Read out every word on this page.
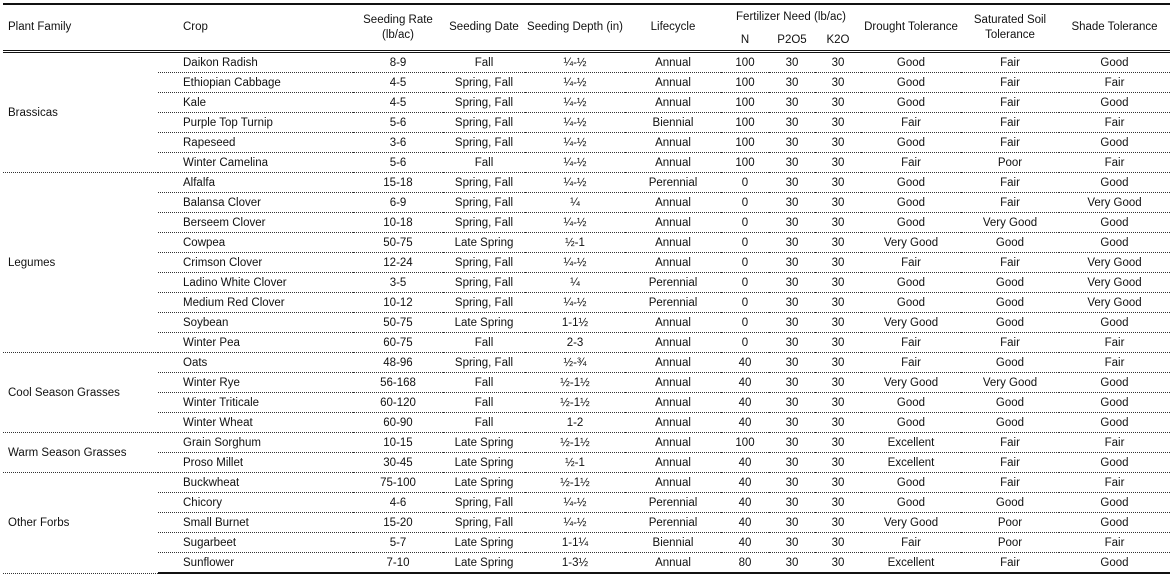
Plant Family	Crop	Seeding Rate (lb/ac)	Seeding Date	Seeding Depth (in)	Lifecycle	Fertilizer Need (lb/ac)			Drought Tolerance	Saturated Soil Tolerance	Shade Tolerance
						N	P2O5	K2O			
Brassicas	Daikon Radish	8-9	Fall	¼-½	Annual	100	30	30	Good	Fair	Good
	Ethiopian Cabbage	4-5	Spring, Fall	¼-½	Annual	100	30	30	Good	Fair	Fair
	Kale	4-5	Spring, Fall	¼-½	Annual	100	30	30	Good	Fair	Good
	Purple Top Turnip	5-6	Spring, Fall	¼-½	Biennial	100	30	30	Fair	Fair	Fair
	Rapeseed	3-6	Spring, Fall	¼-½	Annual	100	30	30	Good	Fair	Good
	Winter Camelina	5-6	Fall	¼-½	Annual	100	30	30	Fair	Poor	Fair
Legumes	Alfalfa	15-18	Spring, Fall	¼-½	Perennial	0	30	30	Good	Fair	Good
	Balansa Clover	6-9	Spring, Fall	¼	Annual	0	30	30	Good	Fair	Very Good
	Berseem Clover	10-18	Spring, Fall	¼-½	Annual	0	30	30	Good	Very Good	Good
	Cowpea	50-75	Late Spring	½-1	Annual	0	30	30	Very Good	Good	Good
	Crimson Clover	12-24	Spring, Fall	¼-½	Annual	0	30	30	Fair	Fair	Very Good
	Ladino White Clover	3-5	Spring, Fall	¼	Perennial	0	30	30	Good	Good	Very Good
	Medium Red Clover	10-12	Spring, Fall	¼-½	Perennial	0	30	30	Good	Good	Very Good
	Soybean	50-75	Late Spring	1-1½	Annual	0	30	30	Very Good	Good	Good
	Winter Pea	60-75	Fall	2-3	Annual	0	30	30	Fair	Fair	Fair
Cool Season Grasses	Oats	48-96	Spring, Fall	½-¾	Annual	40	30	30	Fair	Good	Fair
	Winter Rye	56-168	Fall	½-1½	Annual	40	30	30	Very Good	Very Good	Good
	Winter Triticale	60-120	Fall	½-1½	Annual	40	30	30	Good	Good	Good
	Winter Wheat	60-90	Fall	1-2	Annual	40	30	30	Good	Good	Good
Warm Season Grasses	Grain Sorghum	10-15	Late Spring	½-1½	Annual	100	30	30	Excellent	Fair	Fair
	Proso Millet	30-45	Late Spring	½-1	Annual	40	30	30	Excellent	Fair	Good
Other Forbs	Buckwheat	75-100	Late Spring	½-1½	Annual	40	30	30	Good	Fair	Fair
	Chicory	4-6	Spring, Fall	¼-½	Perennial	40	30	30	Good	Good	Good
	Small Burnet	15-20	Spring, Fall	¼-½	Perennial	40	30	30	Very Good	Poor	Good
	Sugarbeet	5-7	Late Spring	1-1¼	Biennial	40	30	30	Fair	Poor	Fair
	Sunflower	7-10	Late Spring	1-3½	Annual	80	30	30	Excellent	Fair	Good
